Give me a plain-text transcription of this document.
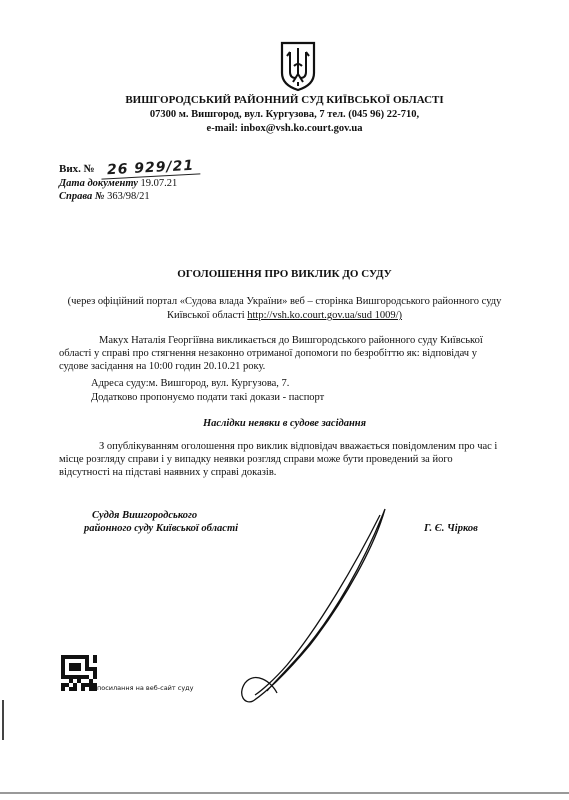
ВИШГОРОДСЬКИЙ РАЙОННИЙ СУД КИЇВСЬКОЇ ОБЛАСТІ
07300 м. Вишгород, вул. Кургузова, 7 тел. (045 96) 22-710,
e-mail: inbox@vsh.ko.court.gov.ua
Вих. № 26 929/21
Дата документу 19.07.21
Справа № 363/98/21
ОГОЛОШЕННЯ ПРО ВИКЛИК ДО СУДУ
(через офіційний портал «Судова влада України» веб – сторінка Вишгородського районного суду
Київської області http://vsh.ko.court.gov.ua/sud 1009/)
Макух Наталія Георгіївна викликається до Вишгородського районного суду Київської
області у справі про стягнення незаконно отриманої допомоги по безробіттю як: відповідач у
судове засідання на 10:00 годин 20.10.21 року.
Адреса суду:м. Вишгород, вул. Кургузова, 7.
Додатково пропонуємо подати такі докази - паспорт
Наслідки неявки в судове засідання
З опублікуванням оголошення про виклик відповідач вважається повідомленим про час і
місце розгляду справи і у випадку неявки розгляд справи може бути проведений за його
відсутності на підставі наявних у справі доказів.
Суддя Вишгородського
районного суду Київської області	Г. Є. Чірков
посилання на веб-сайт суду
